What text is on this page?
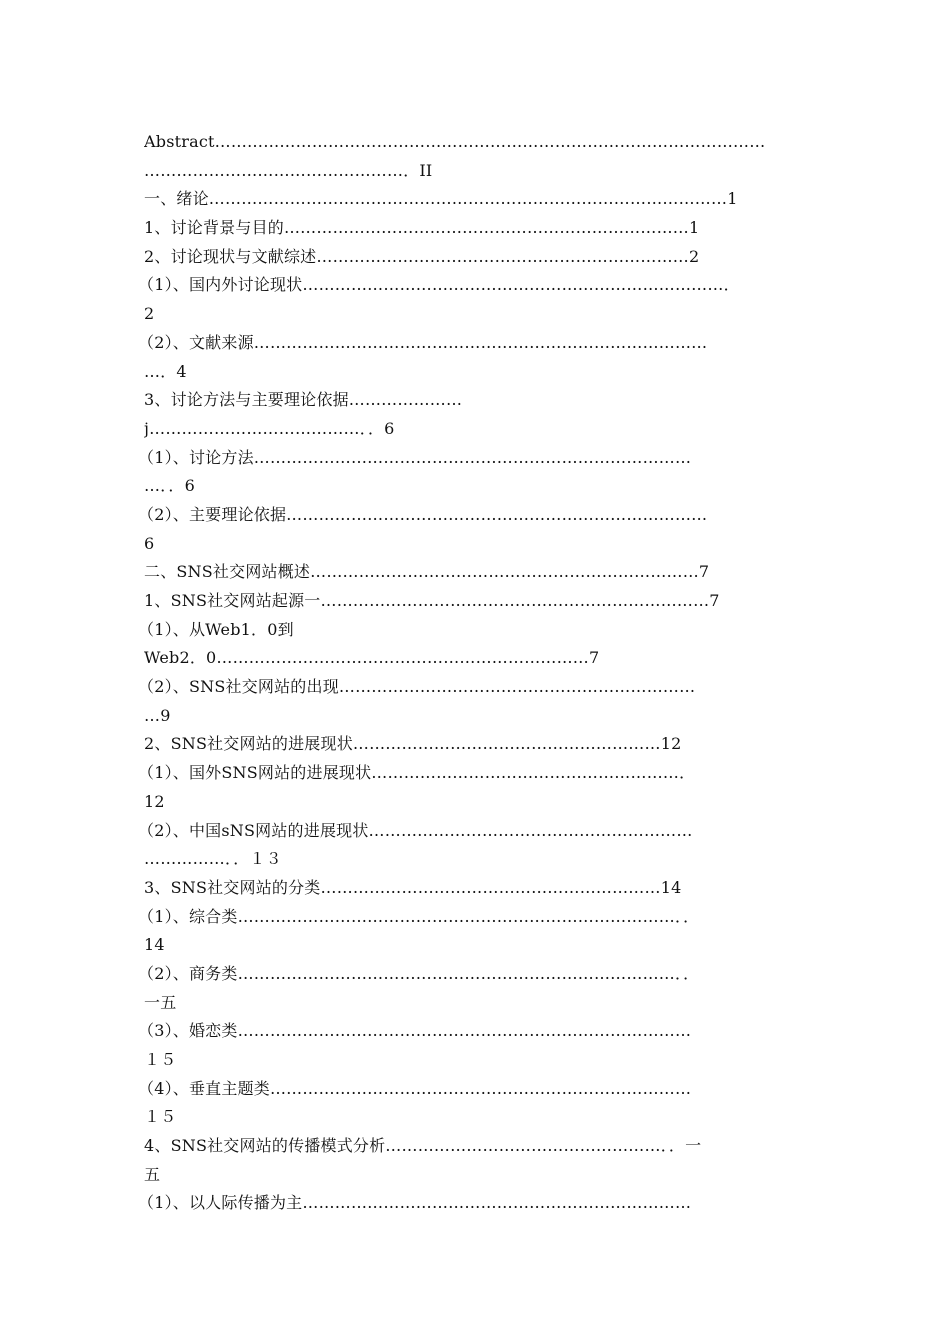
Abstract…………………………………………………………………………………………
…………………………………………．II
一、绪论……………………………………………………………………………………1
1、讨论背景与目的…………………………………………………………………1
2、讨论现状与文献综述……………………………………………………………2
（1）、国内外讨论现状……………………………………………………………………．
2
（2）、文献来源…………………………………………………………………………
…．4
3、讨论方法与主要理论依据…………………
j…………………………………．．6
（1）、讨论方法………………………………………………………………………
…．．6
（2）、主要理论依据……………………………………………………………………
6
二、SNS社交网站概述………………………………………………………………7
1、SNS社交网站起源一………………………………………………………………7
（1）、从Web1．0到
Web2．0……………………………………………………………7
（2）、SNS社交网站的出现…………………………………………………………
…9
2、SNS社交网站的进展现状…………………………………………………12
（1）、国外SNS网站的进展现状…………………………………………………．
12
（2）、中国sNS网站的进展现状……………………………………………………
……………．．１３
3、SNS社交网站的分类………………………………………………………14
（1）、综合类………………………………………………………………………．．
14
（2）、商务类………………………………………………………………………．．
一五
（3）、婚恋类…………………………………………………………………………
１５
（4）、垂直主题类……………………………………………………………………
１５
4、SNS社交网站的传播模式分析……………………………………………．．一
五
（1）、以人际传播为主………………………………………………………………
